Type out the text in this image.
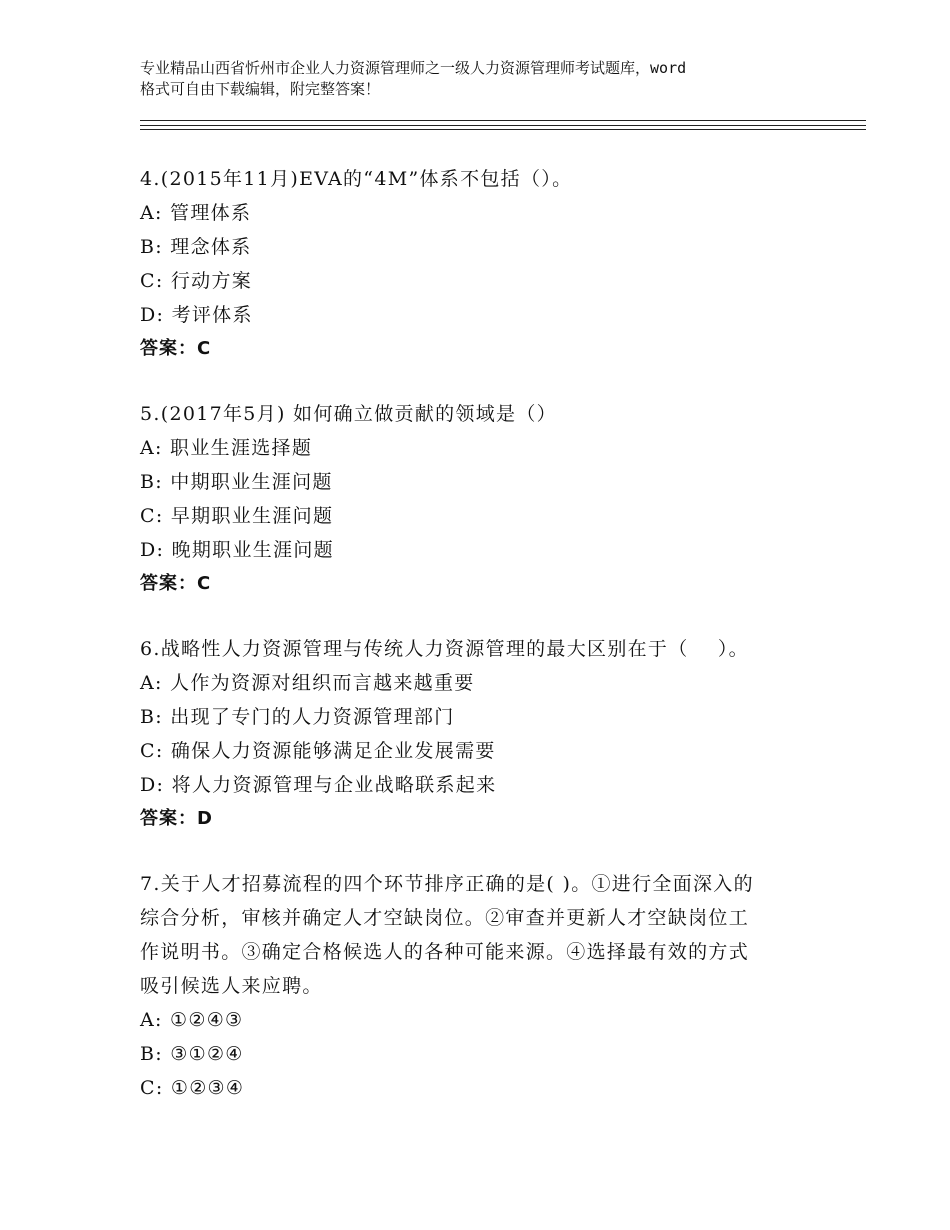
专业精品山西省忻州市企业人力资源管理师之一级人力资源管理师考试题库，word
格式可自由下载编辑，附完整答案！
4.(2015年11月)EVA的“4M”体系不包括（）。
A: 管理体系
B: 理念体系
C: 行动方案
D: 考评体系
答案：C
5.(2017年5月) 如何确立做贡献的领域是（）
A: 职业生涯选择题
B: 中期职业生涯问题
C: 早期职业生涯问题
D: 晚期职业生涯问题
答案：C
6.战略性人力资源管理与传统人力资源管理的最大区别在于（    ）。
A: 人作为资源对组织而言越来越重要
B: 出现了专门的人力资源管理部门
C: 确保人力资源能够满足企业发展需要
D: 将人力资源管理与企业战略联系起来
答案：D
7.关于人才招募流程的四个环节排序正确的是( )。①进行全面深入的
综合分析，审核并确定人才空缺岗位。②审查并更新人才空缺岗位工
作说明书。③确定合格候选人的各种可能来源。④选择最有效的方式
吸引候选人来应聘。
A: ①②④③
B: ③①②④
C: ①②③④
